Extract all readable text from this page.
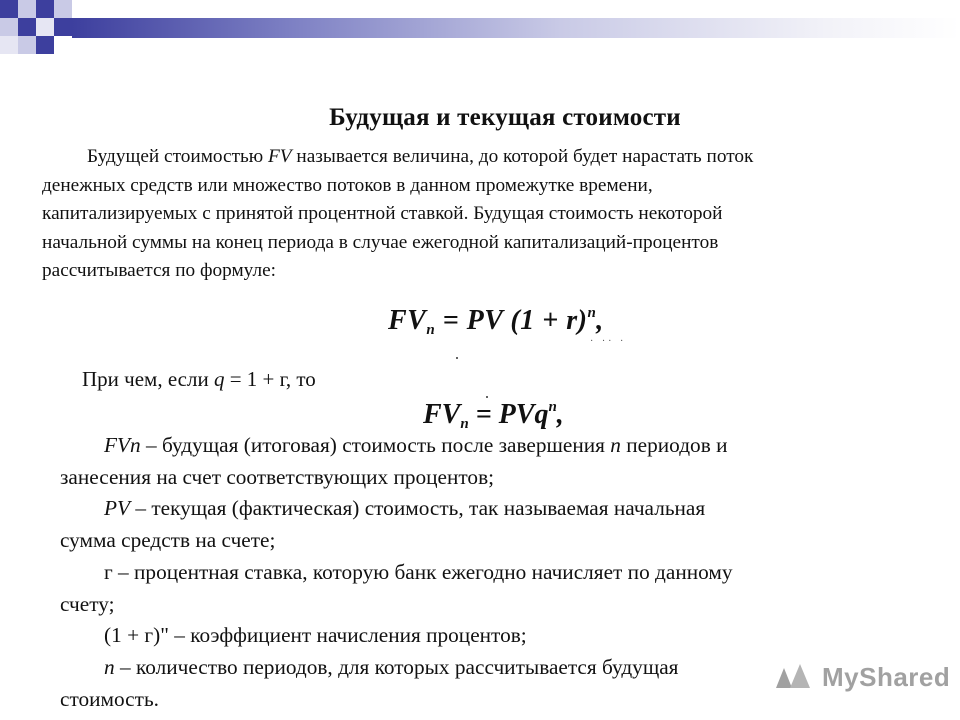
Будущая и текущая стоимости
Будущей стоимостью FV называется величина, до которой будет нарастать поток
денежных средств или множество потоков в данном промежутке времени,
капитализируемых с принятой процентной ставкой. Будущая стоимость некоторой
начальной суммы на конец периода в случае ежегодной капитализаций-процентов
рассчитывается по формуле:
$FV_n$ = PV $(1 + r)^n$,
· ·· ·
При чем, если q = 1 + г, то
$FV_n = PVq^n$,
FVn – будущая (итоговая) стоимость после завершения n периодов и
занесения на счет соответствующих процентов;
PV – текущая (фактическая) стоимость, так называемая начальная
сумма средств на счете;
г – процентная ставка, которую банк ежегодно начисляет по данному
счету;
(1 + г)" – коэффициент начисления процентов;
n – количество периодов, для которых рассчитывается будущая
стоимость.
MyShared
